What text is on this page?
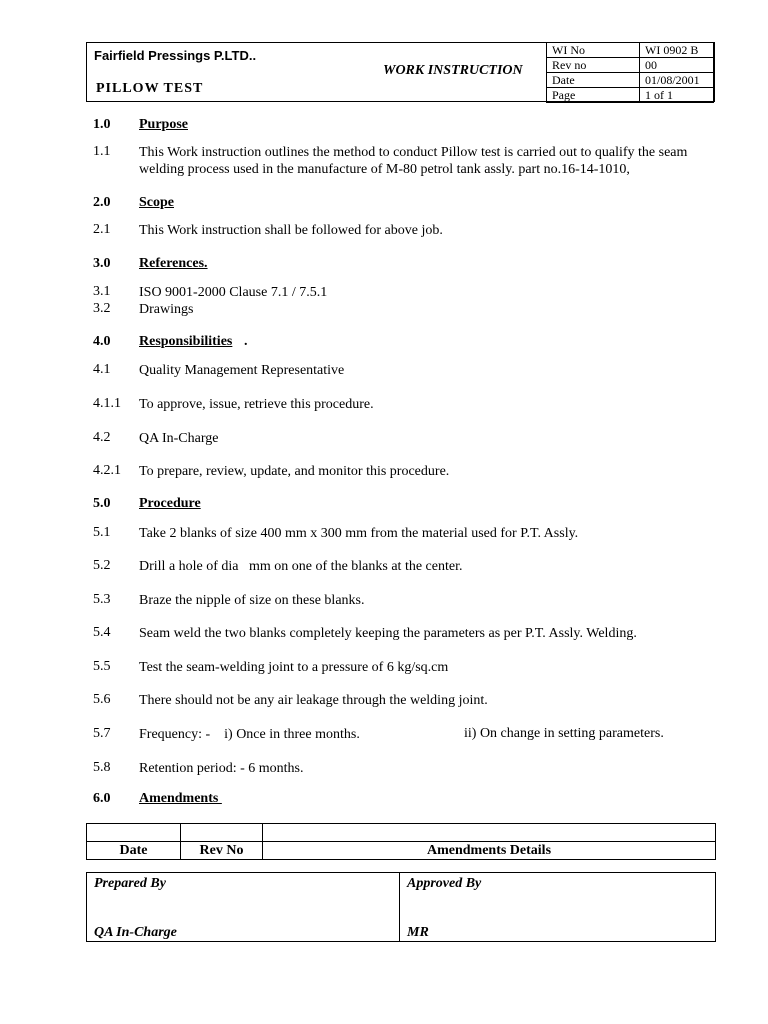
Fairfield Pressings P.LTD..
PILLOW TEST
WORK INSTRUCTION
WI No	WI 0902 B
Rev no	00
Date	01/08/2001
Page	1 of 1
1.0 Purpose
1.1 This Work instruction outlines the method to conduct Pillow test is carried out to qualify the seam welding process used in the manufacture of M-80 petrol tank assly. part no.16-14-1010,
2.0 Scope
2.1 This Work instruction shall be followed for above job.
3.0 References.
3.1 ISO 9001-2000 Clause 7.1 / 7.5.1
3.2 Drawings
4.0 Responsibilities .
4.1 Quality Management Representative
4.1.1 To approve, issue, retrieve this procedure.
4.2 QA In-Charge
4.2.1 To prepare, review, update, and monitor this procedure.
5.0 Procedure
5.1 Take 2 blanks of size 400 mm x 300 mm from the material used for P.T. Assly.
5.2 Drill a hole of dia   mm on one of the blanks at the center.
5.3 Braze the nipple of size on these blanks.
5.4 Seam weld the two blanks completely keeping the parameters as per P.T. Assly. Welding.
5.5 Test the seam-welding joint to a pressure of 6 kg/sq.cm
5.6 There should not be any air leakage through the welding joint.
5.7 Frequency: -    i) Once in three months.	ii) On change in setting parameters.
5.8 Retention period: - 6 months.
6.0 Amendments

Date	Rev No	Amendments Details
Prepared By	Approved By
QA In-Charge	MR
